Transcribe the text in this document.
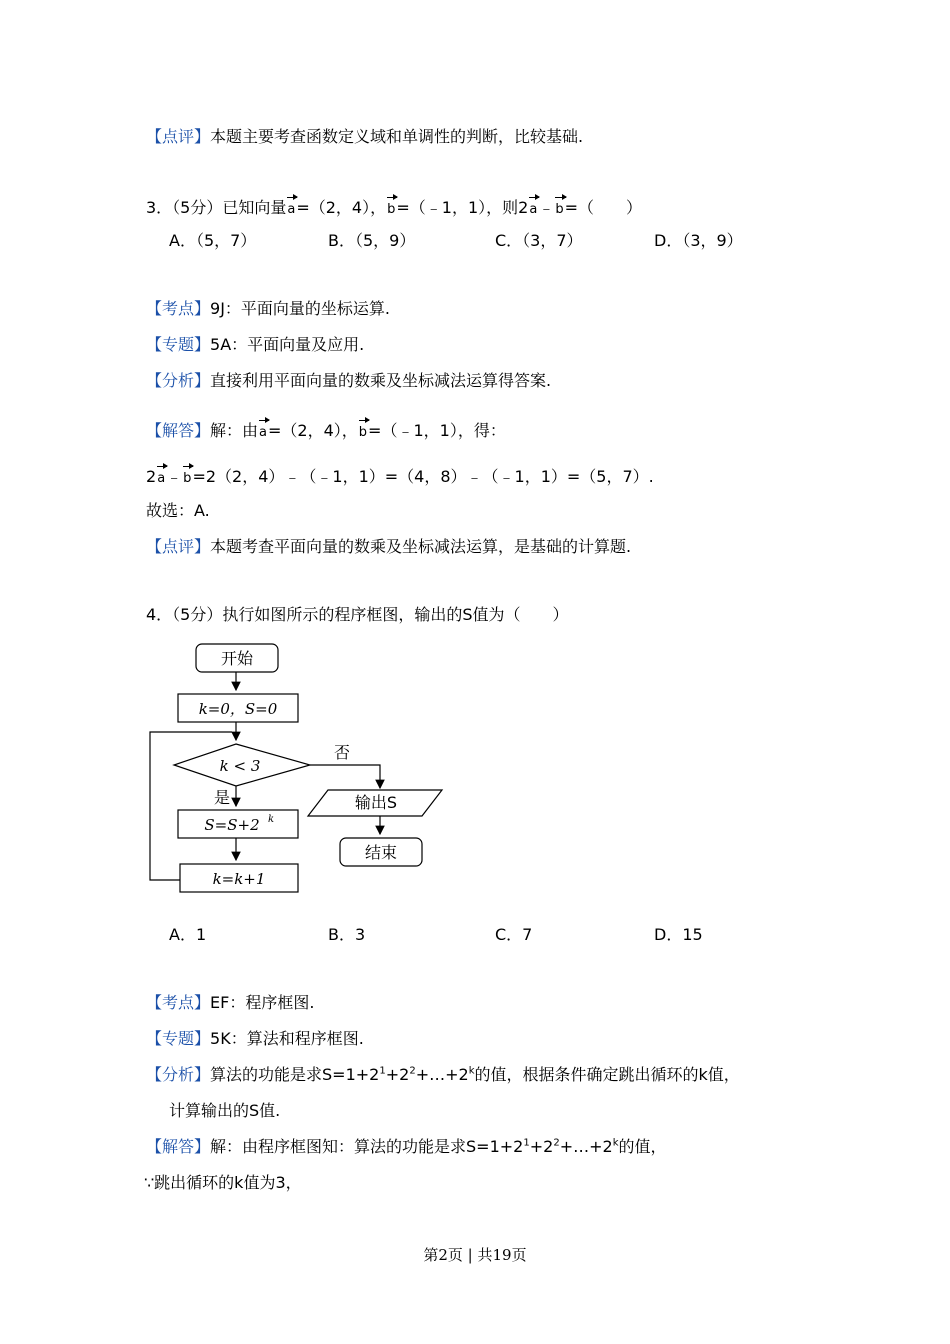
【点评】本题主要考查函数定义域和单调性的判断，比较基础.
3．（5分）已知向量a=（2，4），b=（﹣1，1），则2a﹣b=（　　）
A．（5，7）	B．（5，9）	C．（3，7）	D．（3，9）
【考点】9J：平面向量的坐标运算.
【专题】5A：平面向量及应用.
【分析】直接利用平面向量的数乘及坐标减法运算得答案.
【解答】解：由a=（2，4），b=（﹣1，1），得：
2a﹣b=2（2，4）﹣（﹣1，1）=（4，8）﹣（﹣1，1）=（5，7）.
故选：A.
【点评】本题考查平面向量的数乘及坐标减法运算，是基础的计算题.
4．（5分）执行如图所示的程序框图，输出的S值为（　　）
开始
k=0，S=0
k < 3
否
是
S=S+2 k
k=k+1
输出S
结束
A．1	B．3	C．7	D．15
【考点】EF：程序框图.
【专题】5K：算法和程序框图.
【分析】算法的功能是求$S=1+2^1+2^2+\dots+2^k$的值，根据条件确定跳出循环的k值，
计算输出的S值.
【解答】解：由程序框图知：算法的功能是求$S=1+2^1+2^2+\dots+2^k$的值，
∵跳出循环的k值为3，
第2页 | 共19页
